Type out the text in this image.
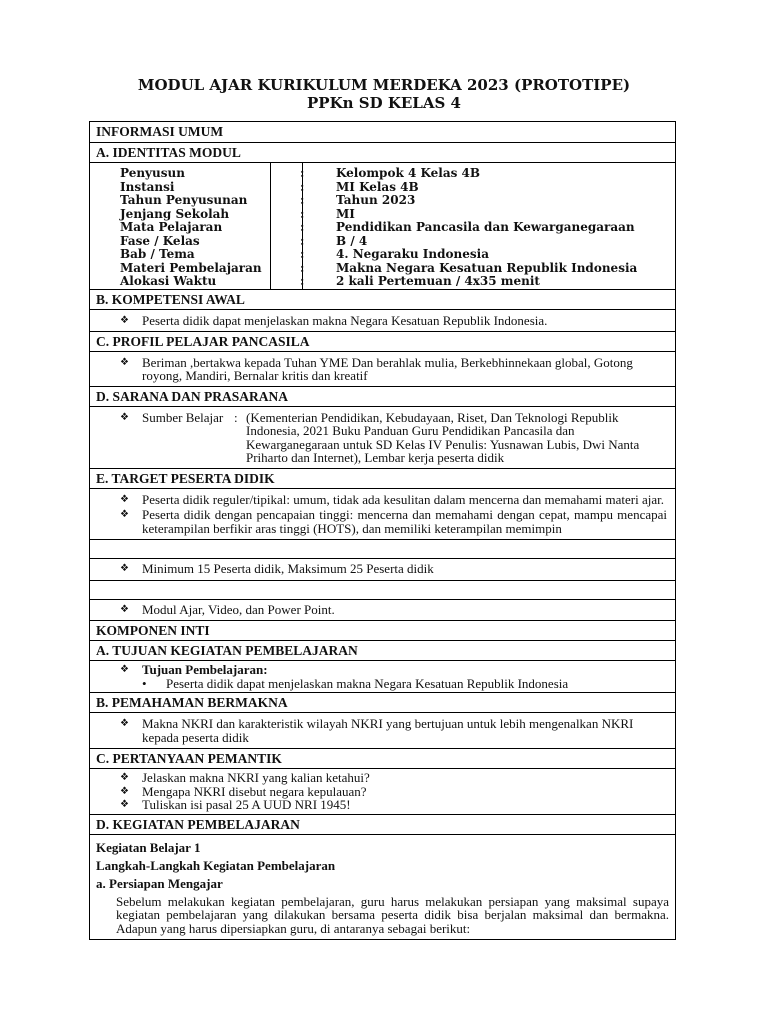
MODUL AJAR KURIKULUM MERDEKA 2023 (PROTOTIPE)
PPKn SD KELAS 4
INFORMASI UMUM
A. IDENTITAS MODUL
Penyusun	:	Kelompok 4 Kelas 4B
Instansi	:	MI Kelas 4B
Tahun Penyusunan	:	Tahun 2023
Jenjang Sekolah	:	MI
Mata Pelajaran	:	Pendidikan Pancasila dan Kewarganegaraan
Fase / Kelas	:	B / 4
Bab / Tema	:	4. Negaraku Indonesia
Materi Pembelajaran	:	Makna Negara Kesatuan Republik Indonesia
Alokasi Waktu	:	2 kali Pertemuan / 4x35 menit
B. KOMPETENSI AWAL
❖	Peserta didik dapat menjelaskan makna Negara Kesatuan Republik Indonesia.
C. PROFIL PELAJAR PANCASILA
❖	Beriman ,bertakwa kepada Tuhan YME Dan berahlak mulia, Berkebhinnekaan global, Gotong royong, Mandiri, Bernalar kritis dan kreatif
D. SARANA DAN PRASARANA
❖	Sumber Belajar : (Kementerian Pendidikan, Kebudayaan, Riset, Dan Teknologi Republik Indonesia, 2021 Buku Panduan Guru Pendidikan Pancasila dan Kewarganegaraan untuk SD Kelas IV Penulis: Yusnawan Lubis, Dwi Nanta Priharto dan Internet), Lembar kerja peserta didik
E. TARGET PESERTA DIDIK
❖	Peserta didik reguler/tipikal: umum, tidak ada kesulitan dalam mencerna dan memahami materi ajar.
❖	Peserta didik dengan pencapaian tinggi: mencerna dan memahami dengan cepat, mampu mencapai keterampilan berfikir aras tinggi (HOTS), dan memiliki keterampilan memimpin
❖	Minimum 15 Peserta didik, Maksimum 25 Peserta didik
❖	Modul Ajar, Video, dan Power Point.
KOMPONEN INTI
A. TUJUAN KEGIATAN PEMBELAJARAN
❖	Tujuan Pembelajaran:
•	Peserta didik dapat menjelaskan makna Negara Kesatuan Republik Indonesia
B. PEMAHAMAN BERMAKNA
❖	Makna NKRI dan karakteristik wilayah NKRI yang bertujuan untuk lebih mengenalkan NKRI kepada peserta didik
C. PERTANYAAN PEMANTIK
❖	Jelaskan makna NKRI yang kalian ketahui?
❖	Mengapa NKRI disebut negara kepulauan?
❖	Tuliskan isi pasal 25 A UUD NRI 1945!
D. KEGIATAN PEMBELAJARAN
Kegiatan Belajar 1
Langkah-Langkah Kegiatan Pembelajaran
a. Persiapan Mengajar
Sebelum melakukan kegiatan pembelajaran, guru harus melakukan persiapan yang maksimal supaya kegiatan pembelajaran yang dilakukan bersama peserta didik bisa berjalan maksimal dan bermakna. Adapun yang harus dipersiapkan guru, di antaranya sebagai berikut:
